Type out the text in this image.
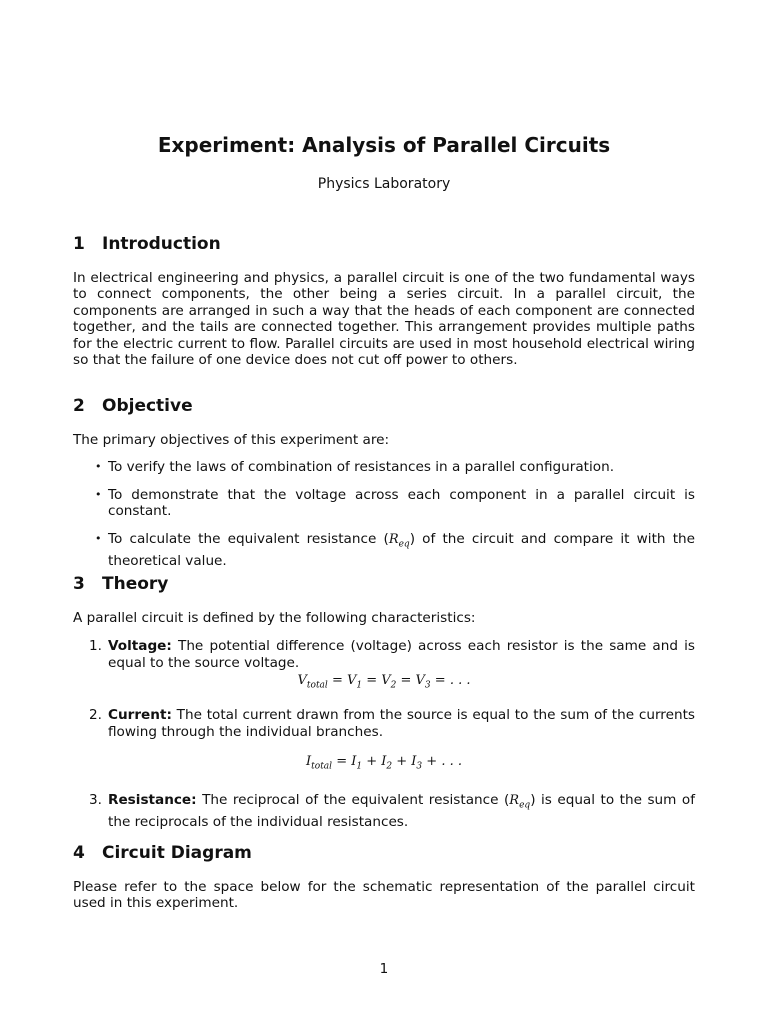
Experiment: Analysis of Parallel Circuits

Physics Laboratory

1	Introduction

In electrical engineering and physics, a parallel circuit is one of the two fundamental ways to connect components, the other being a series circuit. In a parallel circuit, the components are arranged in such a way that the heads of each component are connected together, and the tails are connected together. This arrangement provides multiple paths for the electric current to flow. Parallel circuits are used in most household electrical wiring so that the failure of one device does not cut off power to others.

2	Objective

The primary objectives of this experiment are:

• To verify the laws of combination of resistances in a parallel configuration.
• To demonstrate that the voltage across each component in a parallel circuit is constant.
• To calculate the equivalent resistance $(R_{eq})$ of the circuit and compare it with the theoretical value.
3	Theory

A parallel circuit is defined by the following characteristics:

1. Voltage: The potential difference (voltage) across each resistor is the same and is equal to the source voltage.
$V_{total} = V_1 = V_2 = V_3$ = . . .
2. Current: The total current drawn from the source is equal to the sum of the currents flowing through the individual branches.
$I_{total} = I_1 + I_2 + I_3$ + . . .
3. Resistance: The reciprocal of the equivalent resistance $(R_{eq})$ is equal to the sum of the reciprocals of the individual resistances.
4	Circuit Diagram

Please refer to the space below for the schematic representation of the parallel circuit used in this experiment.

1
